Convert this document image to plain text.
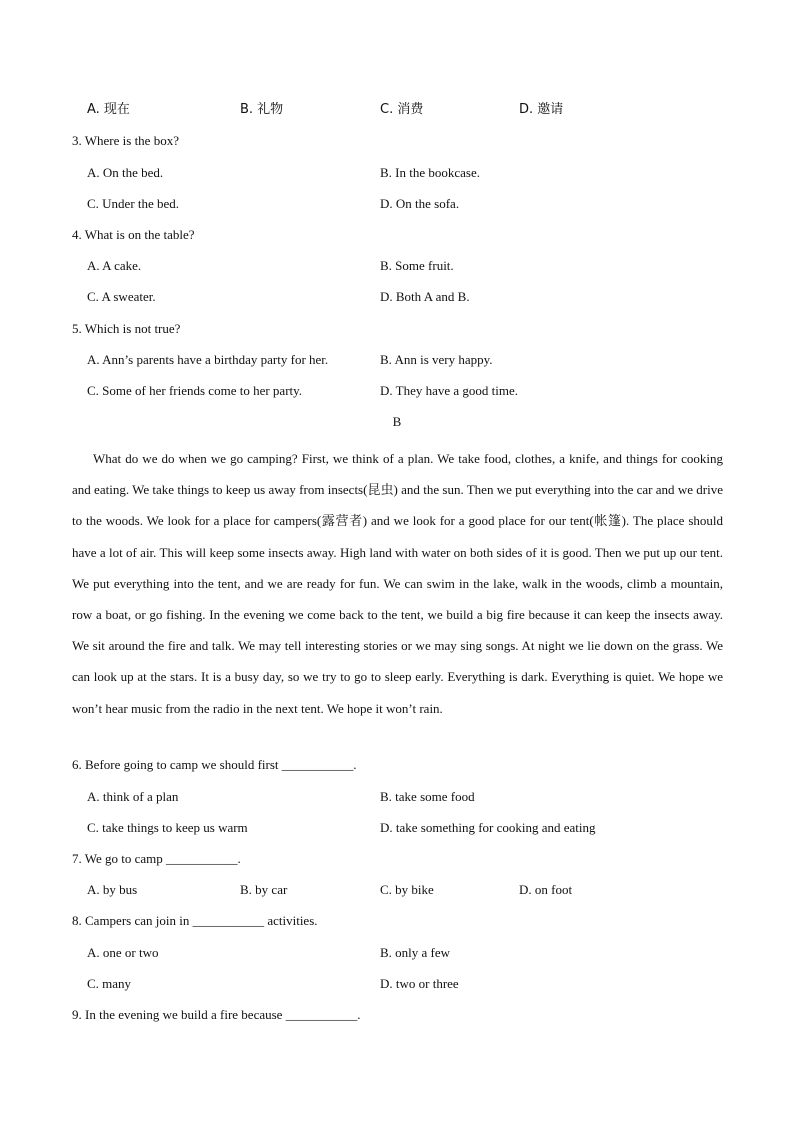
A. 现在	B. 礼物	C. 消费	D. 邀请
3. Where is the box?
A. On the bed.	B. In the bookcase.
C. Under the bed.	D. On the sofa.
4. What is on the table?
A. A cake.	B. Some fruit.
C. A sweater.	D. Both A and B.
5. Which is not true?
A. Ann’s parents have a birthday party for her.	B. Ann is very happy.
C. Some of her friends come to her party.	D. They have a good time.
B

What do we do when we go camping? First, we think of a plan. We take food, clothes, a knife, and things for cooking and eating. We take things to keep us away from insects(昆虫) and the sun. Then we put everything into the car and we drive to the woods. We look for a place for campers(露营者) and we look for a good place for our tent(帐篷). The place should have a lot of air. This will keep some insects away. High land with water on both sides of it is good. Then we put up our tent. We put everything into the tent, and we are ready for fun. We can swim in the lake, walk in the woods, climb a mountain, row a boat, or go fishing. In the evening we come back to the tent, we build a big fire because it can keep the insects away. We sit around the fire and talk. We may tell interesting stories or we may sing songs. At night we lie down on the grass. We can look up at the stars. It is a busy day, so we try to go to sleep early. Everything is dark. Everything is quiet. We hope we won’t hear music from the radio in the next tent. We hope it won’t rain.

6. Before going to camp we should first ___________.
A. think of a plan	B. take some food
C. take things to keep us warm	D. take something for cooking and eating
7. We go to camp ___________.
A. by bus	B. by car	C. by bike	D. on foot
8. Campers can join in ___________ activities.
A. one or two	B. only a few
C. many	D. two or three
9. In the evening we build a fire because ___________.
